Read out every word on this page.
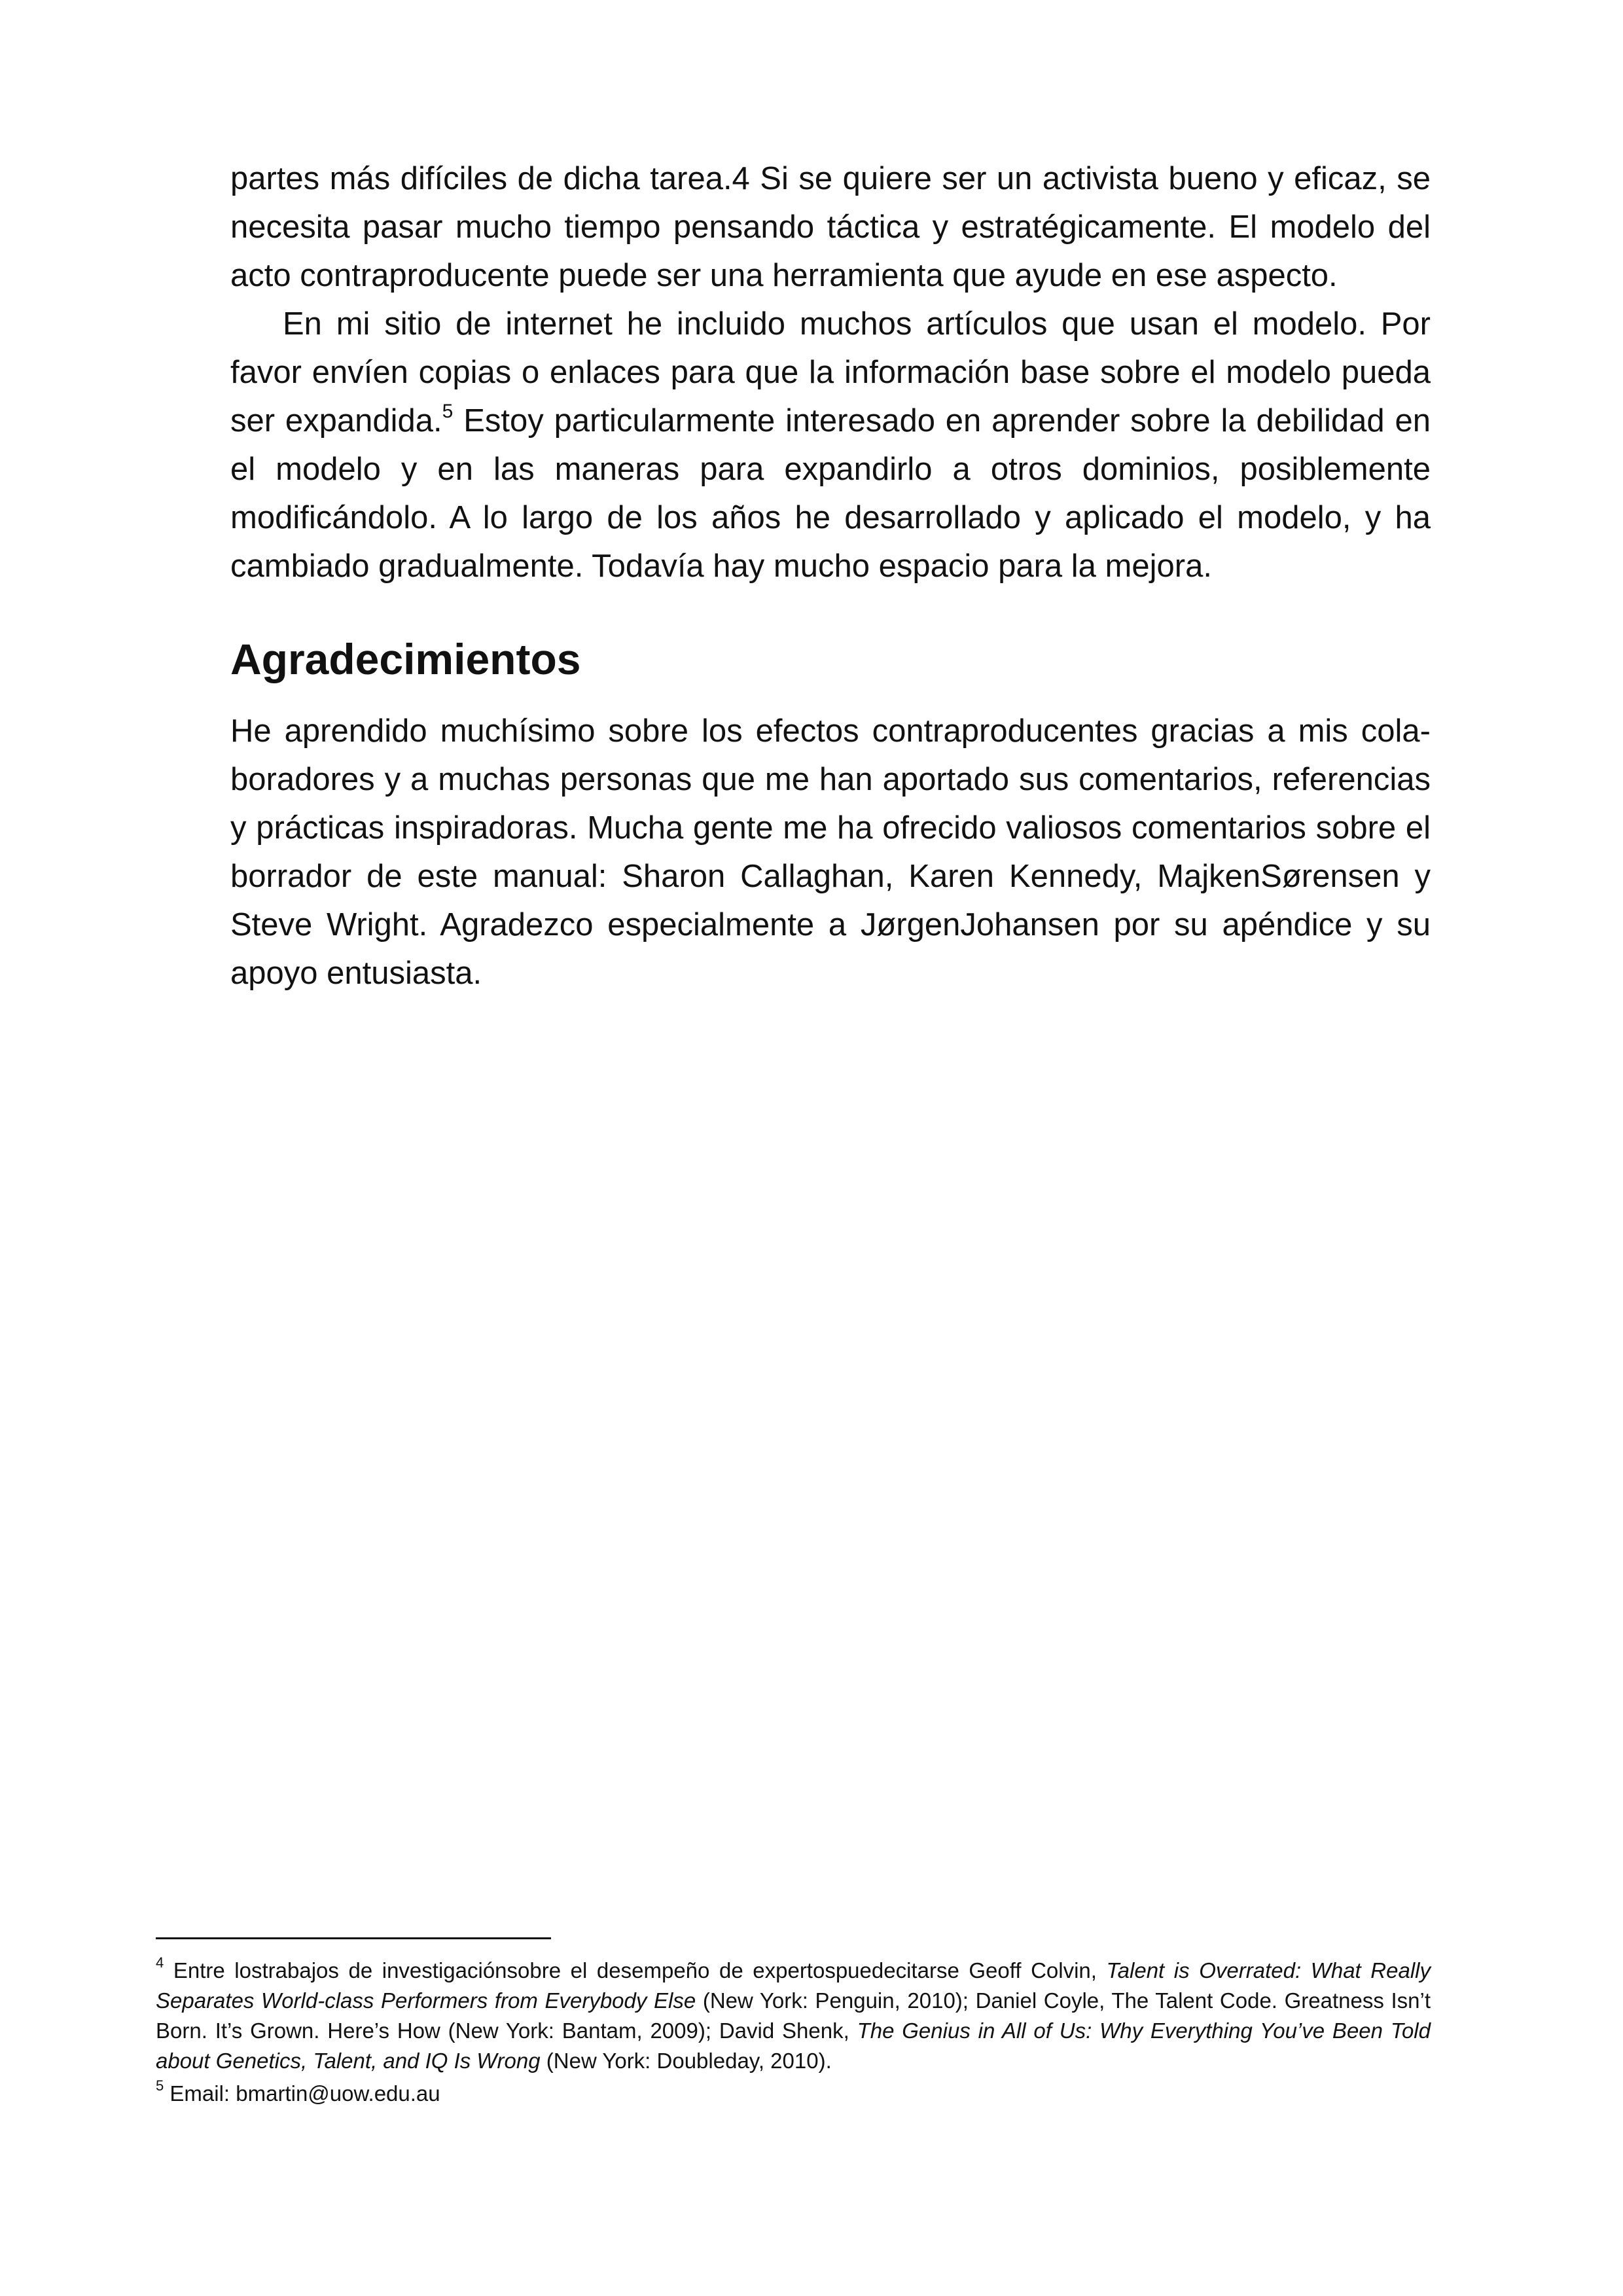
partes más difíciles de dicha tarea.4 Si se quiere ser un activista bueno y eficaz, se necesita pasar mucho tiempo pensando táctica y estratégicamente. El modelo del acto contraproducente puede ser una herramienta que ayude en ese aspecto.

En mi sitio de internet he incluido muchos artículos que usan el modelo. Por favor envíen copias o enlaces para que la información base sobre el modelo pueda ser expandida.$^5$ Estoy particularmente interesado en aprender sobre la debilidad en el modelo y en las maneras para expandirlo a otros dominios, posiblemente modificándolo. A lo largo de los años he desarrollado y aplicado el modelo, y ha cambiado gradualmente. Todavía hay mucho espacio para la mejora.

Agradecimientos

He aprendido muchísimo sobre los efectos contraproducentes gracias a mis colaboradores y a muchas personas que me han aportado sus comentarios, referencias y prácticas inspiradoras. Mucha gente me ha ofrecido valiosos comentarios sobre el borrador de este manual: Sharon Callaghan, Karen Kennedy, MajkenSørensen y Steve Wright. Agradezco especialmente a JørgenJohansen por su apéndice y su apoyo entusiasta.

$^4$ Entre lostrabajos de investigaciónsobre el desempeño de expertospuedecitarse Geoff Colvin, Talent is Overrated: What Really Separates World-class Performers from Everybody Else (New York: Penguin, 2010); Daniel Coyle, The Talent Code. Greatness Isn’t Born. It’s Grown. Here’s How (New York: Bantam, 2009); David Shenk, The Genius in All of Us: Why Everything You’ve Been Told about Genetics, Talent, and IQ Is Wrong (New York: Doubleday, 2010).

$^5$ Email: bmartin@uow.edu.au
